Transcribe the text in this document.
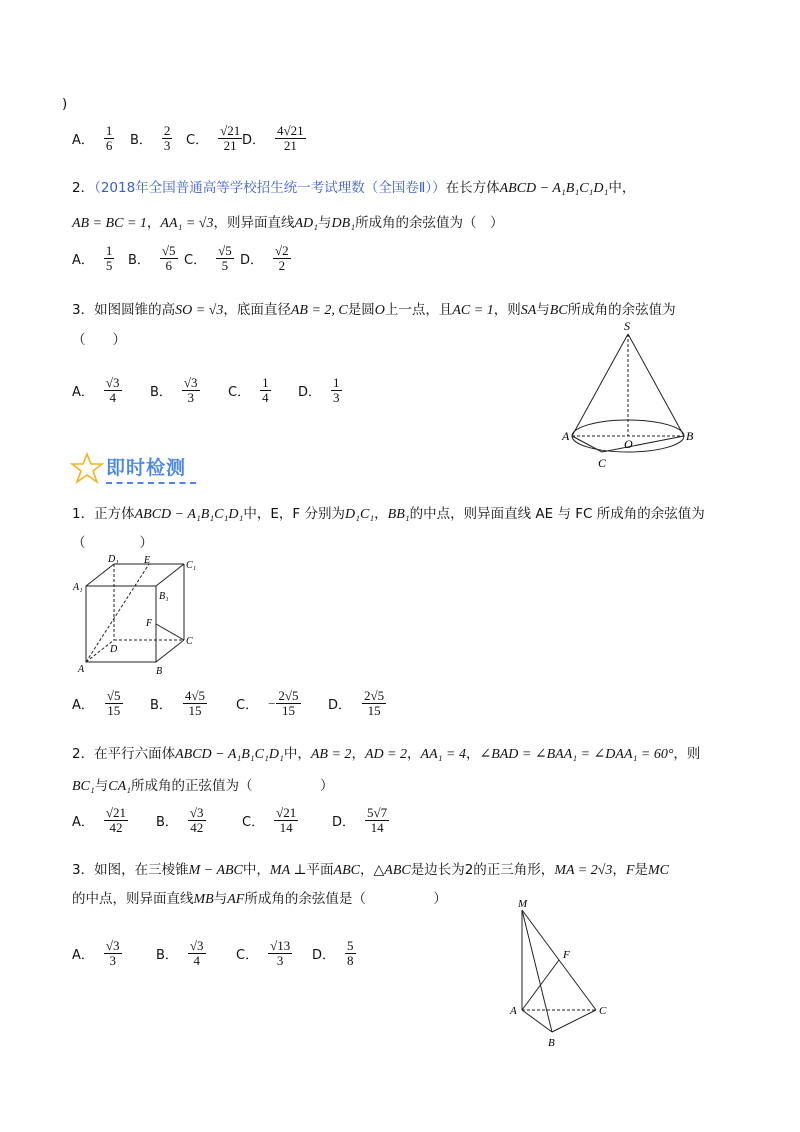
)
A． $\frac{1}{6}$ B． $\frac{2}{3}$ C． $\frac{√21}{21}$ D． $\frac{4√21}{21}$
2．（2018年全国普通高等学校招生统一考试理数（全国卷Ⅱ））在长方体ABCD − A₁B₁C₁D₁中，
AB = BC = 1，AA₁ = √3，则异面直线AD₁与DB₁所成角的余弦值为（　）
A． $\frac{1}{5}$ B． $\frac{√5}{6}$ C． $\frac{√5}{5}$ D． $\frac{√2}{2}$
3．如图圆锥的高SO = √3，底面直径AB = 2, C是圆O上一点，且AC = 1，则SA与BC所成角的余弦值为
（　　）
A． $\frac{√3}{4}$ B． $\frac{√3}{3}$ C． $\frac{1}{4}$ D． $\frac{1}{3}$
S
A	B
O
C
即时检测
1．正方体ABCD − A₁B₁C₁D₁中，E，F 分别为D₁C₁，BB₁的中点，则异面直线 AE 与 FC 所成角的余弦值为
（　　　　）
D₁	E	C₁
A₁
B₁
F
C
D
A	B
A． $\frac{√5}{15}$ B． $\frac{4√5}{15}$ C． − $\frac{2√5}{15}$ D． $\frac{2√5}{15}$
2．在平行六面体ABCD − A₁B₁C₁D₁中，AB = 2，AD = 2，AA₁ = 4，∠BAD = ∠BAA₁ = ∠DAA₁ = 60°，则
BC₁与CA₁所成角的正弦值为（　　　　　）
A． $\frac{√21}{42}$ B． $\frac{√3}{42}$	C． $\frac{√21}{14}$	D． $\frac{5√7}{14}$
3．如图，在三棱锥M − ABC中，MA ⊥平面ABC，△ABC是边长为2的正三角形，MA = 2√3，F是MC
的中点，则异面直线MB与AF所成角的余弦值是（　　　　　）
A． $\frac{√3}{3}$	B． $\frac{√3}{4}$ C． $\frac{√13}{3}$ D． $\frac{5}{8}$
M
F
A	C
B
